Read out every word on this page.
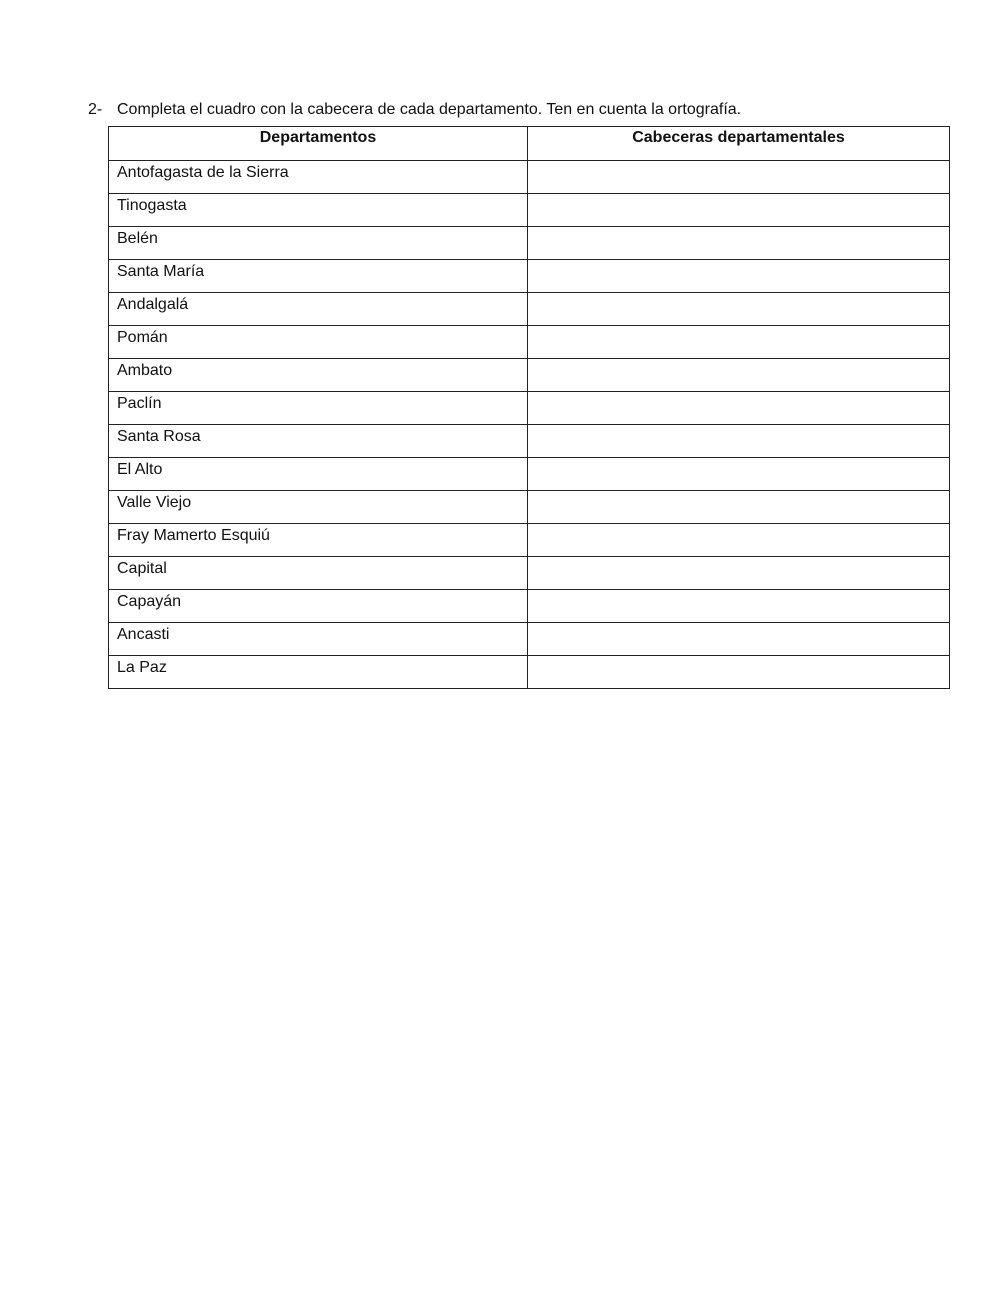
2- Completa el cuadro con la cabecera de cada departamento. Ten en cuenta la ortografía.
Departamentos	Cabeceras departamentales
Antofagasta de la Sierra	
Tinogasta	
Belén	
Santa María	
Andalgalá	
Pomán	
Ambato	
Paclín	
Santa Rosa	
El Alto	
Valle Viejo	
Fray Mamerto Esquiú	
Capital	
Capayán	
Ancasti	
La Paz	
